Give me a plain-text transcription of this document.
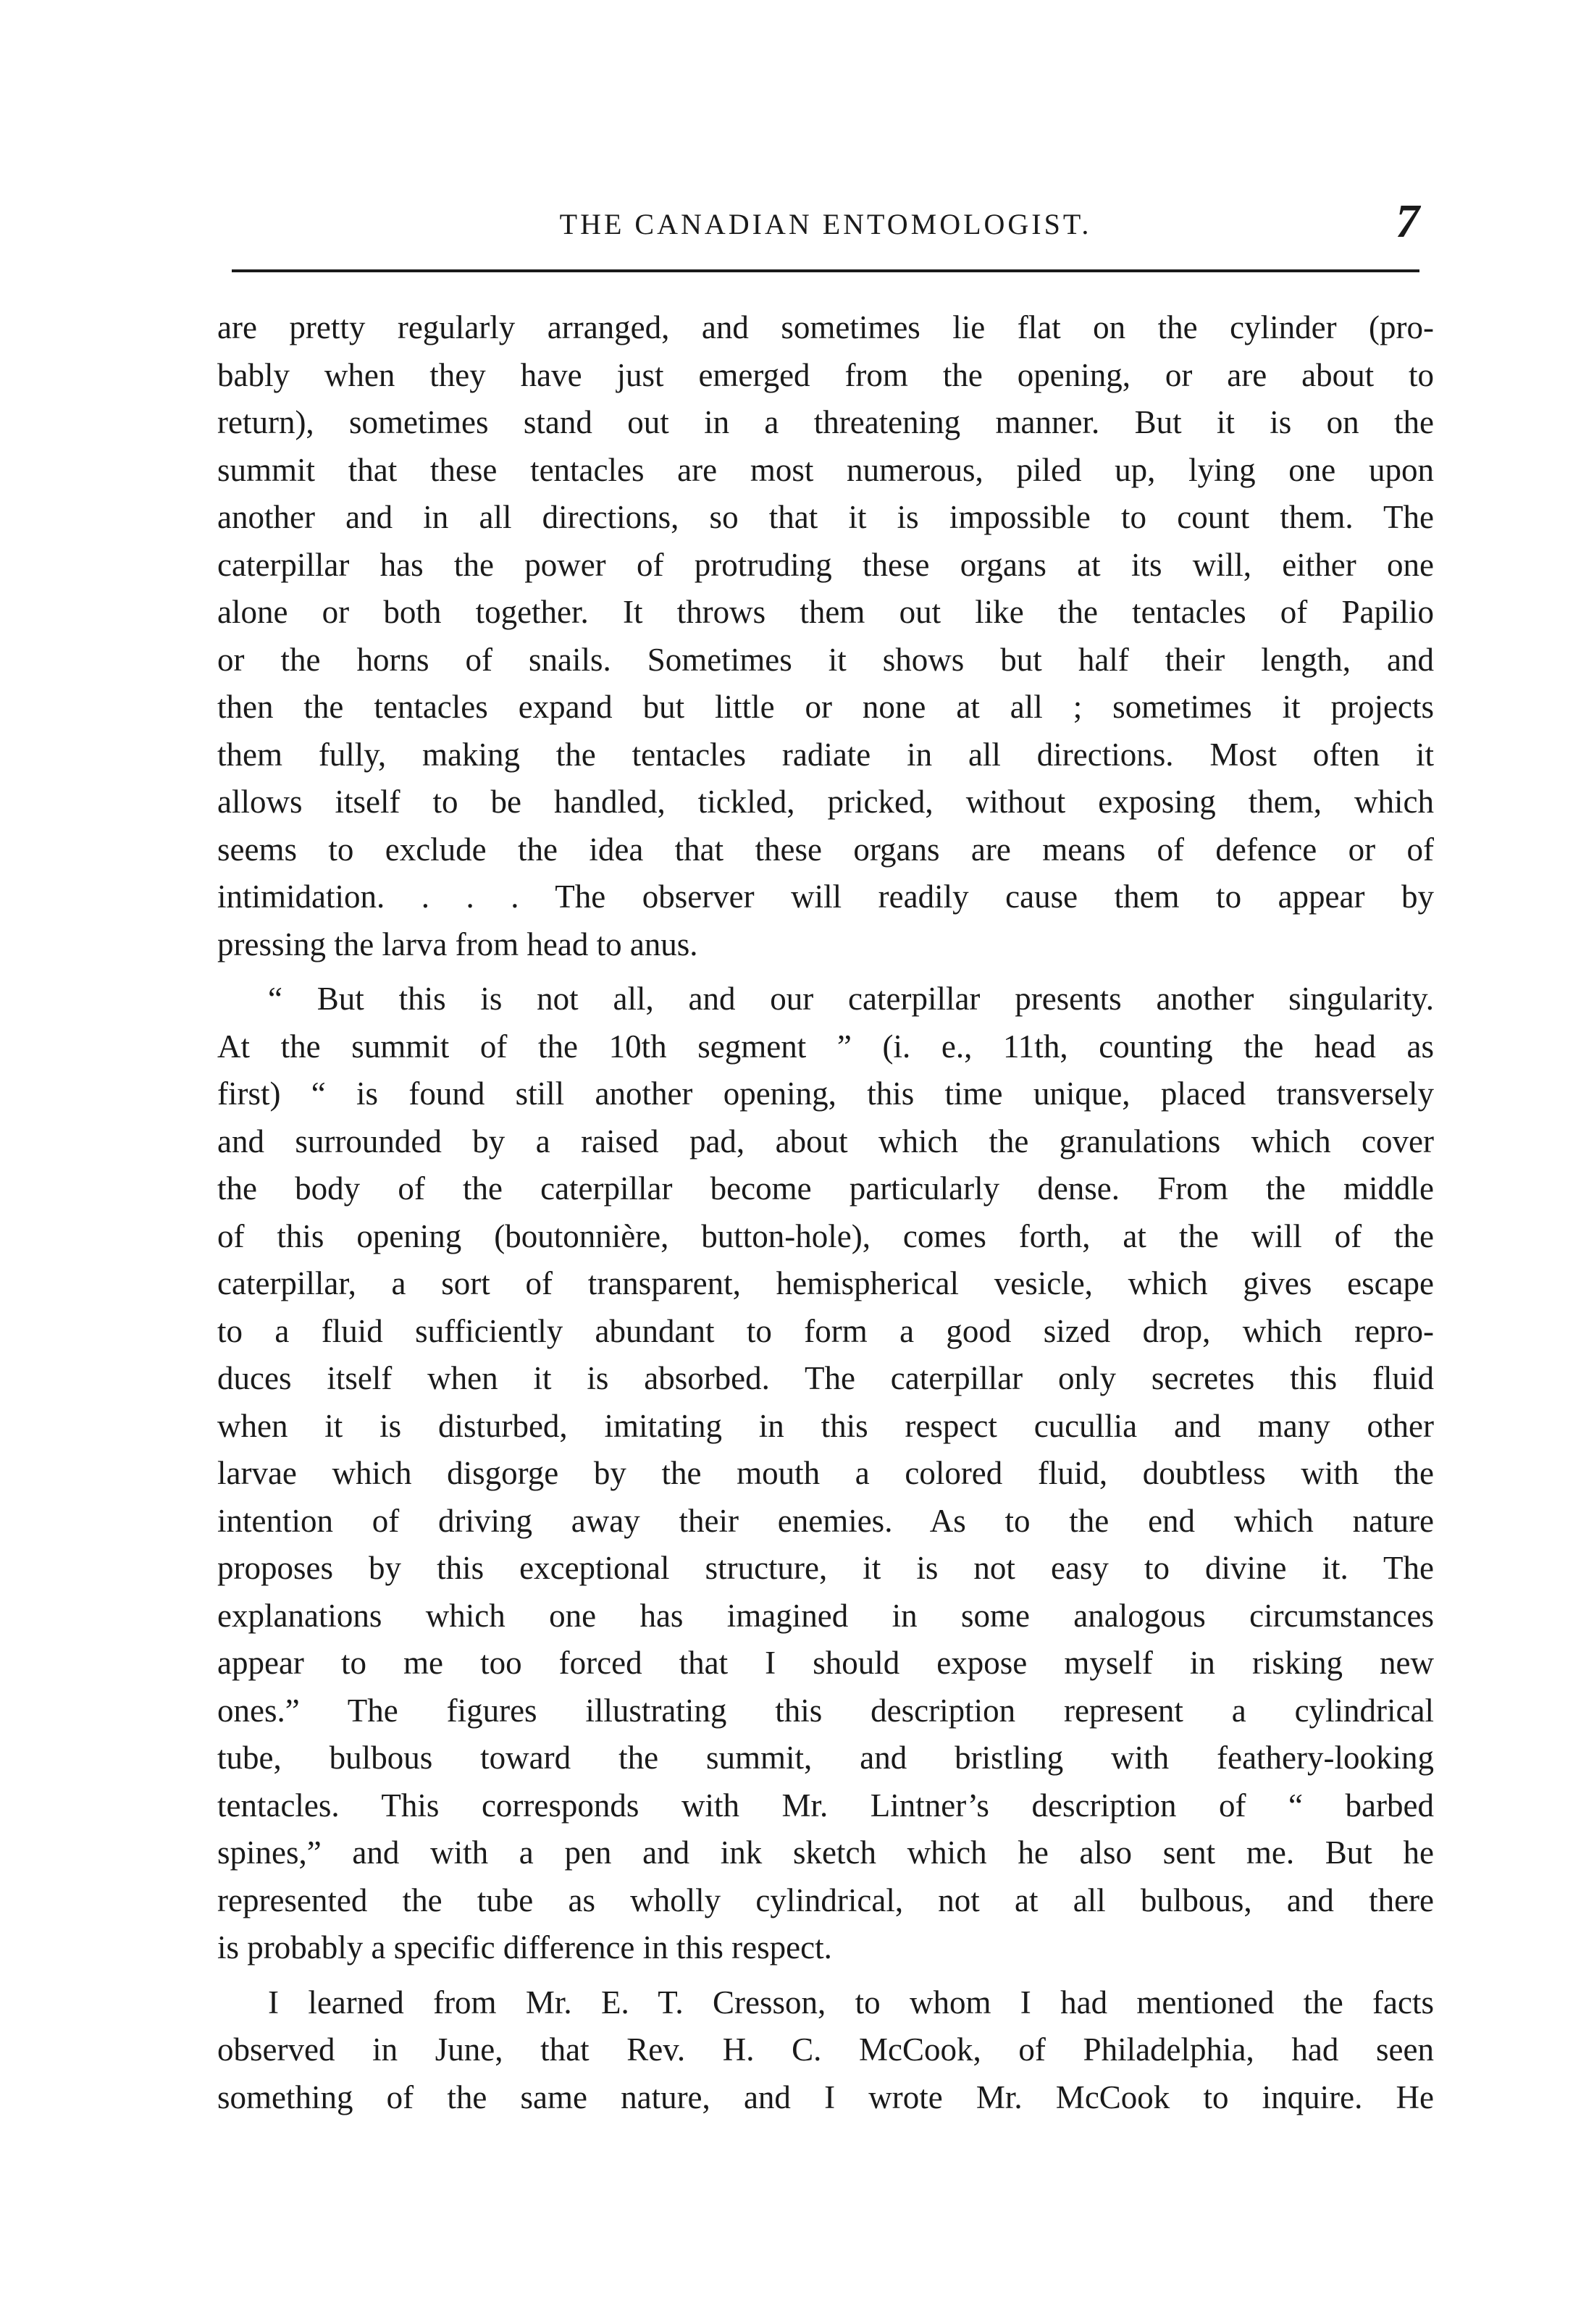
THE CANADIAN ENTOMOLOGIST.	7
are pretty regularly arranged, and sometimes lie flat on the cylinder (pro-
bably when they have just emerged from the opening, or are about to
return), sometimes stand out in a threatening manner. But it is on the
summit that these tentacles are most numerous, piled up, lying one upon
another and in all directions, so that it is impossible to count them. The
caterpillar has the power of protruding these organs at its will, either one
alone or both together. It throws them out like the tentacles of Papilio
or the horns of snails. Sometimes it shows but half their length, and
then the tentacles expand but little or none at all ; sometimes it projects
them fully, making the tentacles radiate in all directions. Most often it
allows itself to be handled, tickled, pricked, without exposing them, which
seems to exclude the idea that these organs are means of defence or of
intimidation. . . . The observer will readily cause them to appear by
pressing the larva from head to anus.
“ But this is not all, and our caterpillar presents another singularity.
At the summit of the 10th segment ” (i. e., 11th, counting the head as
first) “ is found still another opening, this time unique, placed transversely
and surrounded by a raised pad, about which the granulations which cover
the body of the caterpillar become particularly dense. From the middle
of this opening (boutonnière, button-hole), comes forth, at the will of the
caterpillar, a sort of transparent, hemispherical vesicle, which gives escape
to a fluid sufficiently abundant to form a good sized drop, which repro-
duces itself when it is absorbed. The caterpillar only secretes this fluid
when it is disturbed, imitating in this respect cucullia and many other
larvae which disgorge by the mouth a colored fluid, doubtless with the
intention of driving away their enemies. As to the end which nature
proposes by this exceptional structure, it is not easy to divine it. The
explanations which one has imagined in some analogous circumstances
appear to me too forced that I should expose myself in risking new
ones.” The figures illustrating this description represent a cylindrical
tube, bulbous toward the summit, and bristling with feathery-looking
tentacles. This corresponds with Mr. Lintner’s description of “ barbed
spines,” and with a pen and ink sketch which he also sent me. But he
represented the tube as wholly cylindrical, not at all bulbous, and there
is probably a specific difference in this respect.
I learned from Mr. E. T. Cresson, to whom I had mentioned the facts
observed in June, that Rev. H. C. McCook, of Philadelphia, had seen
something of the same nature, and I wrote Mr. McCook to inquire. He
